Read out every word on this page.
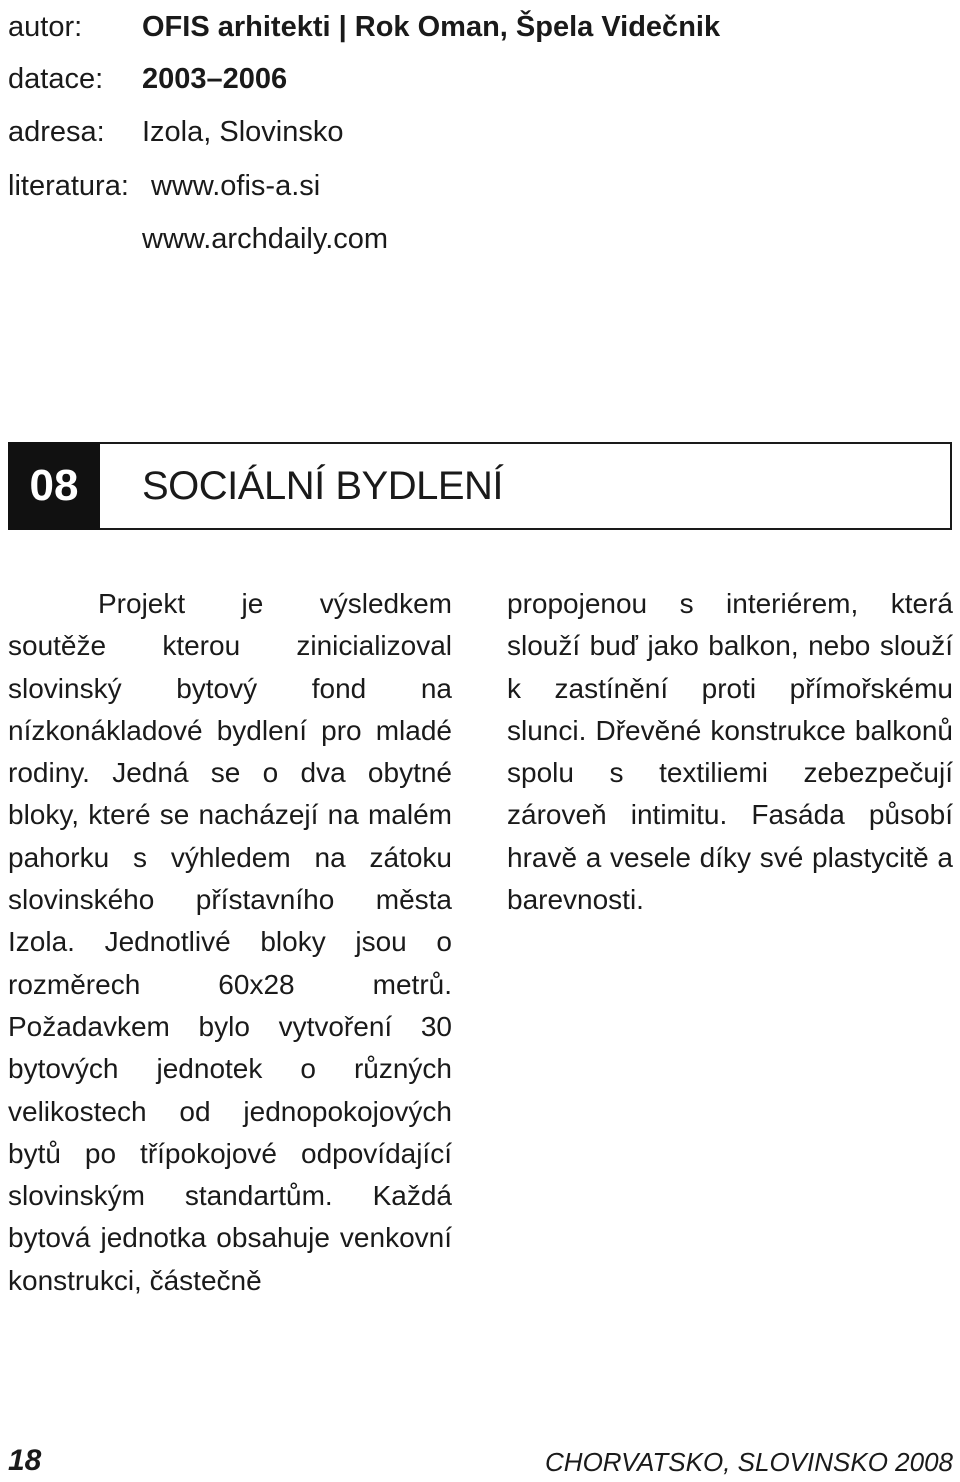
autor: OFIS arhitekti | Rok Oman, Špela Videčnik
datace: 2003–2006
adresa: Izola, Slovinsko
literatura: www.ofis-a.si
www.archdaily.com
08	SOCIÁLNÍ BYDLENÍ
Projekt je výsledkem soutěže kterou zinicializoval slovinský bytový fond na nízkonákladové bydlení pro mladé rodiny. Jedná se o dva obytné bloky, které se nacházejí na malém pahorku s výhledem na zátoku slovinského přístavního města Izola. Jednotlivé bloky jsou o rozměrech 60x28 metrů. Požadavkem bylo vytvoření 30 bytových jednotek o různých velikostech od jednopokojových bytů po třípokojové odpovídající slovinským standartům. Každá bytová jednotka obsahuje venkovní konstrukci, částečně
propojenou s interiérem, která slouží buď jako balkon, nebo slouží k zastínění proti přímořskému slunci. Dřevěné konstrukce balkonů spolu s textiliemi zebezpečují zároveň intimitu. Fasáda působí hravě a vesele díky své plastycitě a barevnosti.
18	CHORVATSKO, SLOVINSKO 2008
